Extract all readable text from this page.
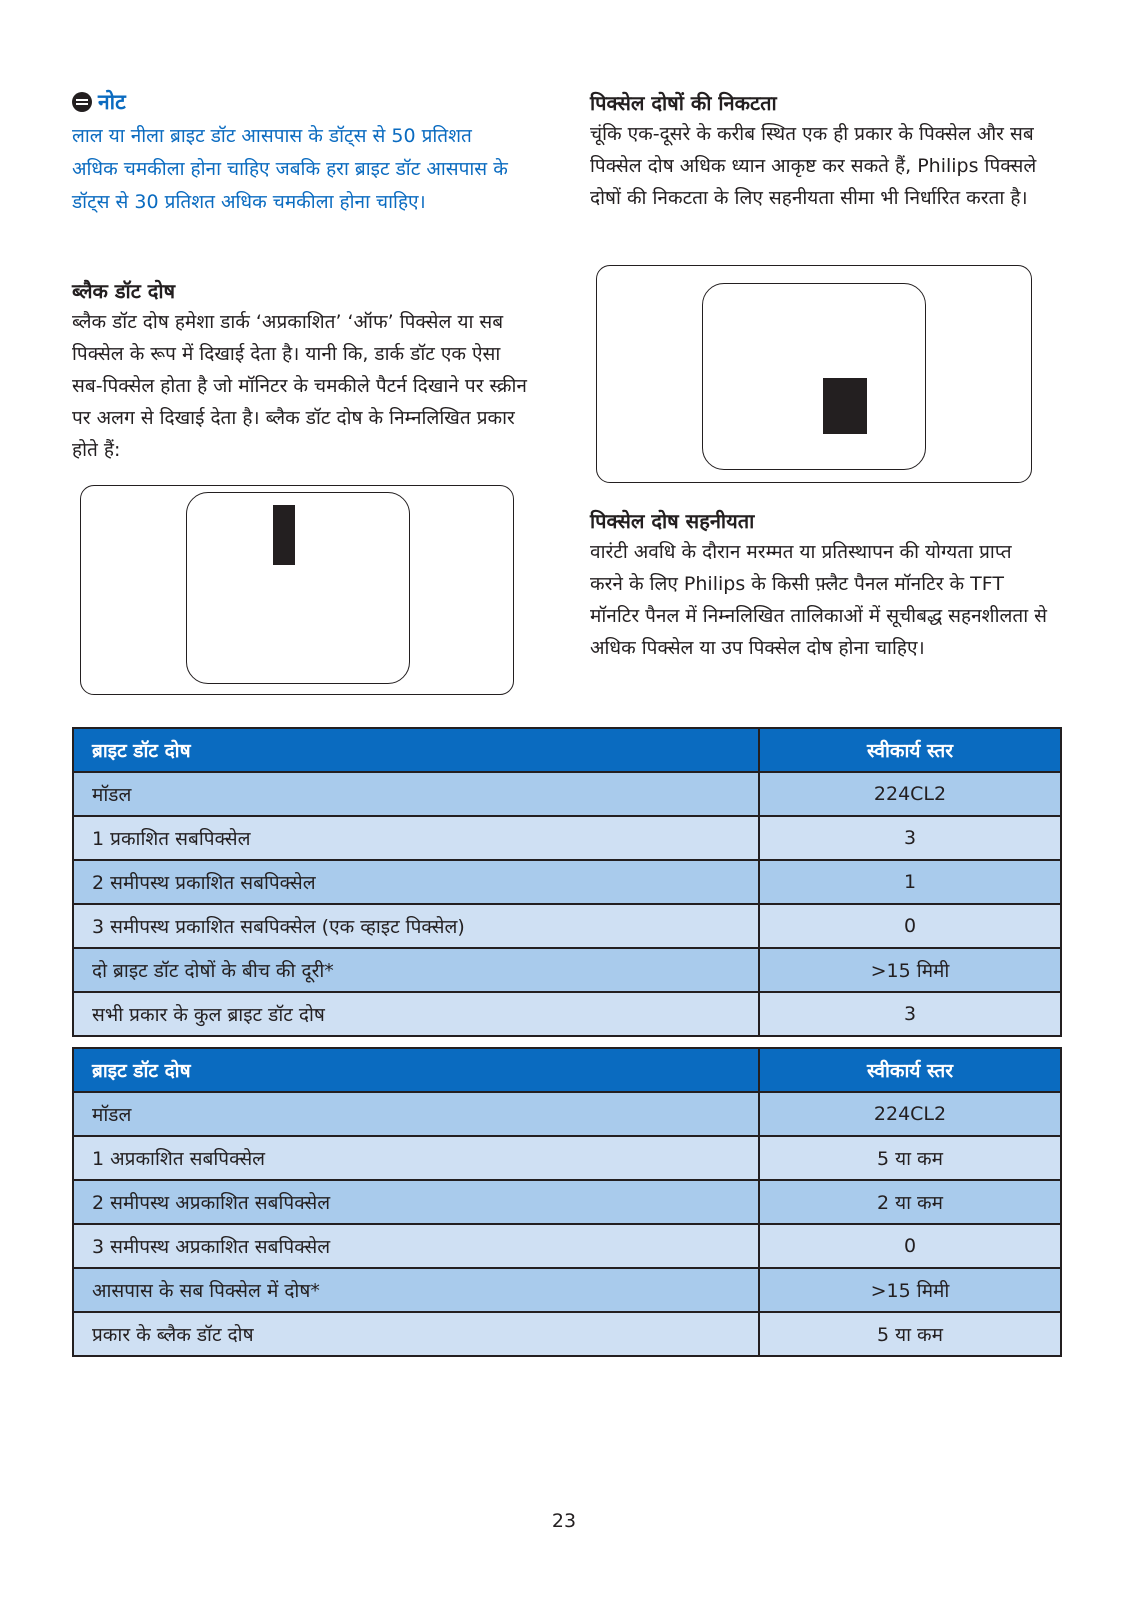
नोट
लाल या नीला ब्राइट डॉट आसपास के डॉट्स से 50 प्रतिशत अधिक चमकीला होना चाहिए जबकि हरा ब्राइट डॉट आसपास के डॉट्स से 30 प्रतिशत अधिक चमकीला होना चाहिए।
ब्लैक डॉट दोष
ब्लैक डॉट दोष हमेशा डार्क ‘अप्रकाशित’ ‘ऑफ’ पिक्सेल या सब पिक्सेल के रूप में दिखाई देता है। यानी कि, डार्क डॉट एक ऐसा सब-पिक्सेल होता है जो मॉनिटर के चमकीले पैटर्न दिखाने पर स्क्रीन पर अलग से दिखाई देता है। ब्लैक डॉट दोष के निम्नलिखित प्रकार होते हैं:
पिक्सेल दोषों की निकटता
चूंकि एक-दूसरे के करीब स्थित एक ही प्रकार के पिक्सेल और सब पिक्सेल दोष अधिक ध्यान आकृष्ट कर सकते हैं, Philips पिक्सले दोषों की निकटता के लिए सहनीयता सीमा भी निर्धारित करता है।
पिक्सेल दोष सहनीयता
वारंटी अवधि के दौरान मरम्मत या प्रतिस्थापन की योग्यता प्राप्त करने के लिए Philips के किसी फ़्लैट पैनल मॉनटिर के TFT मॉनटिर पैनल में निम्नलिखित तालिकाओं में सूचीबद्ध सहनशीलता से अधिक पिक्सेल या उप पिक्सेल दोष होना चाहिए।
ब्राइट डॉट दोष	स्वीकार्य स्तर
मॉडल	224CL2
1 प्रकाशित सबपिक्सेल	3
2 समीपस्थ प्रकाशित सबपिक्सेल	1
3 समीपस्थ प्रकाशित सबपिक्सेल (एक व्हाइट पिक्सेल)	0
दो ब्राइट डॉट दोषों के बीच की दूरी*	>15 मिमी
सभी प्रकार के कुल ब्राइट डॉट दोष	3
ब्राइट डॉट दोष	स्वीकार्य स्तर
मॉडल	224CL2
1 अप्रकाशित सबपिक्सेल	5 या कम
2 समीपस्थ अप्रकाशित सबपिक्सेल	2 या कम
3 समीपस्थ अप्रकाशित सबपिक्सेल	0
आसपास के सब पिक्सेल में दोष*	>15 मिमी
प्रकार के ब्लैक डॉट दोष	5 या कम
23
